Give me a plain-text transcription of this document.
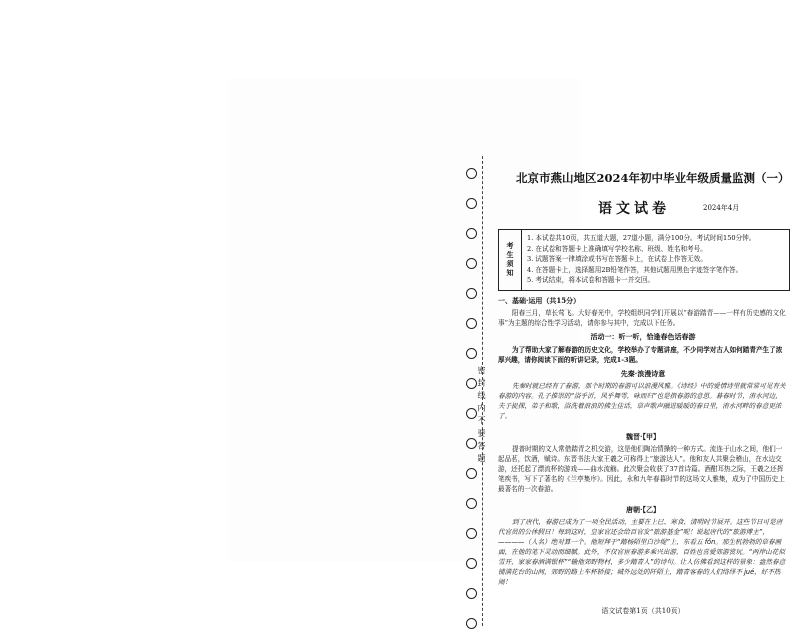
密 封 线 内 不 要 答 题
北京市燕山地区2024年初中毕业年级质量监测（一）
语文试卷	2024年4月
考生须知
1. 本试卷共10页，共五道大题，27道小题，满分100分。考试时间150分钟。
2. 在试卷和答题卡上准确填写学校名称、班级、姓名和考号。
3. 试题答案一律填涂或书写在答题卡上，在试卷上作答无效。
4. 在答题卡上，选择题用2B铅笔作答，其他试题用黑色字迹签字笔作答。
5. 考试结束，将本试卷和答题卡一并交回。
一、基础·运用（共15分）
阳春三月，草长莺飞。大好春光中，学校组织同学们开展以“春游踏青——一样有历史感的文化事”为主题的综合性学习活动，请你参与其中，完成以下任务。
活动一：听一听，恰逢春色话春游
为了帮助大家了解春游的历史文化，学校举办了专题讲座，不少同学对古人如何踏青产生了浓厚兴趣，请你阅读下面的听讲记录，完成1-3题。
先秦·浪漫诗意
先秦时就已经有了春游，那个时期的春游可以浪漫风雅。《诗经》中的爱情诗里就常常可见有关春游的内容。孔子推崇的“浴乎沂，风乎舞雩，咏而归”也是指春游的意思。暮春时节，洧水河边，夫子捉探，弟子和歌，浴洗着浪浪的拂生佳话，草声歌声融进暖暖的春日里，洧水河畔的春意更浓了。
魏晋·【甲】
提普时期的文人常借踏青之机交游，这是他们陶冶情操的一种方式。流连于山水之间，他们一起品茗，饮酒，赋诗。东晋书法大家王羲之可称得上“旅游达人”。他和友人共聚会稽山，在水边交游，还托起了漂流杯的游戏——曲水流觞。此次聚会收获了37首诗篇。酒酣耳热之际，王羲之还挥笔疾书，写下了著名的《兰亭集序》。因此，永和九年春暮时节的这场文人雅集，成为了中国历史上最著名的一次春游。
唐朝·【乙】
到了唐代，春游已成为了一项全民活动，主要在上巳、寒食、清明时节展开。这些节日可是唐代官员的公休假日！每到这时，皇家官还会给百官发“旅游基金”呢！说起唐代的“旅游博主”，————（人名）绝对算一个。他短拜于“踏杨陌里白沙堤”上，东看五 fǒn。那生机勃勃的草春画面，在他的笔下灵动而细腻。此外，不仅官宦春游多乘兴出游，百姓也喜爱郊游赏玩。“两岸山花似雪开，家家春酒满银杯”“输他郊野物村，多少踏青人”的诗句。让人仿佛看到这样的景象：盎然春意铺满花台的山间，郊野的路上车杯轿接；城外远处的阡陌上，踏青客春的人们络绎不 jué，好不热闹！
语文试卷第1页（共10页）
